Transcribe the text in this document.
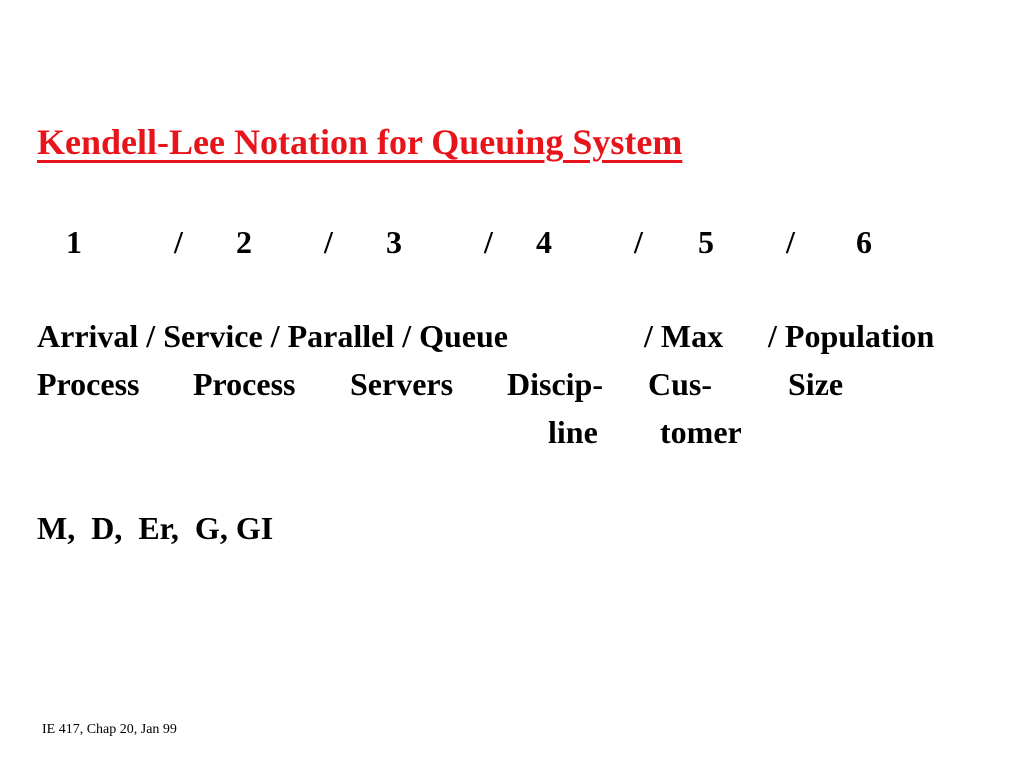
Kendell-Lee Notation for Queuing System
1	/ 2 / 3	/ 4	/ 5 / 6
Arrival / Service / Parallel / Queue	/ Max / Population
Process Process Servers Discip- Cus- Size
line tomer
M,  D,  Er,  G, GI
IE 417, Chap 20, Jan 99
